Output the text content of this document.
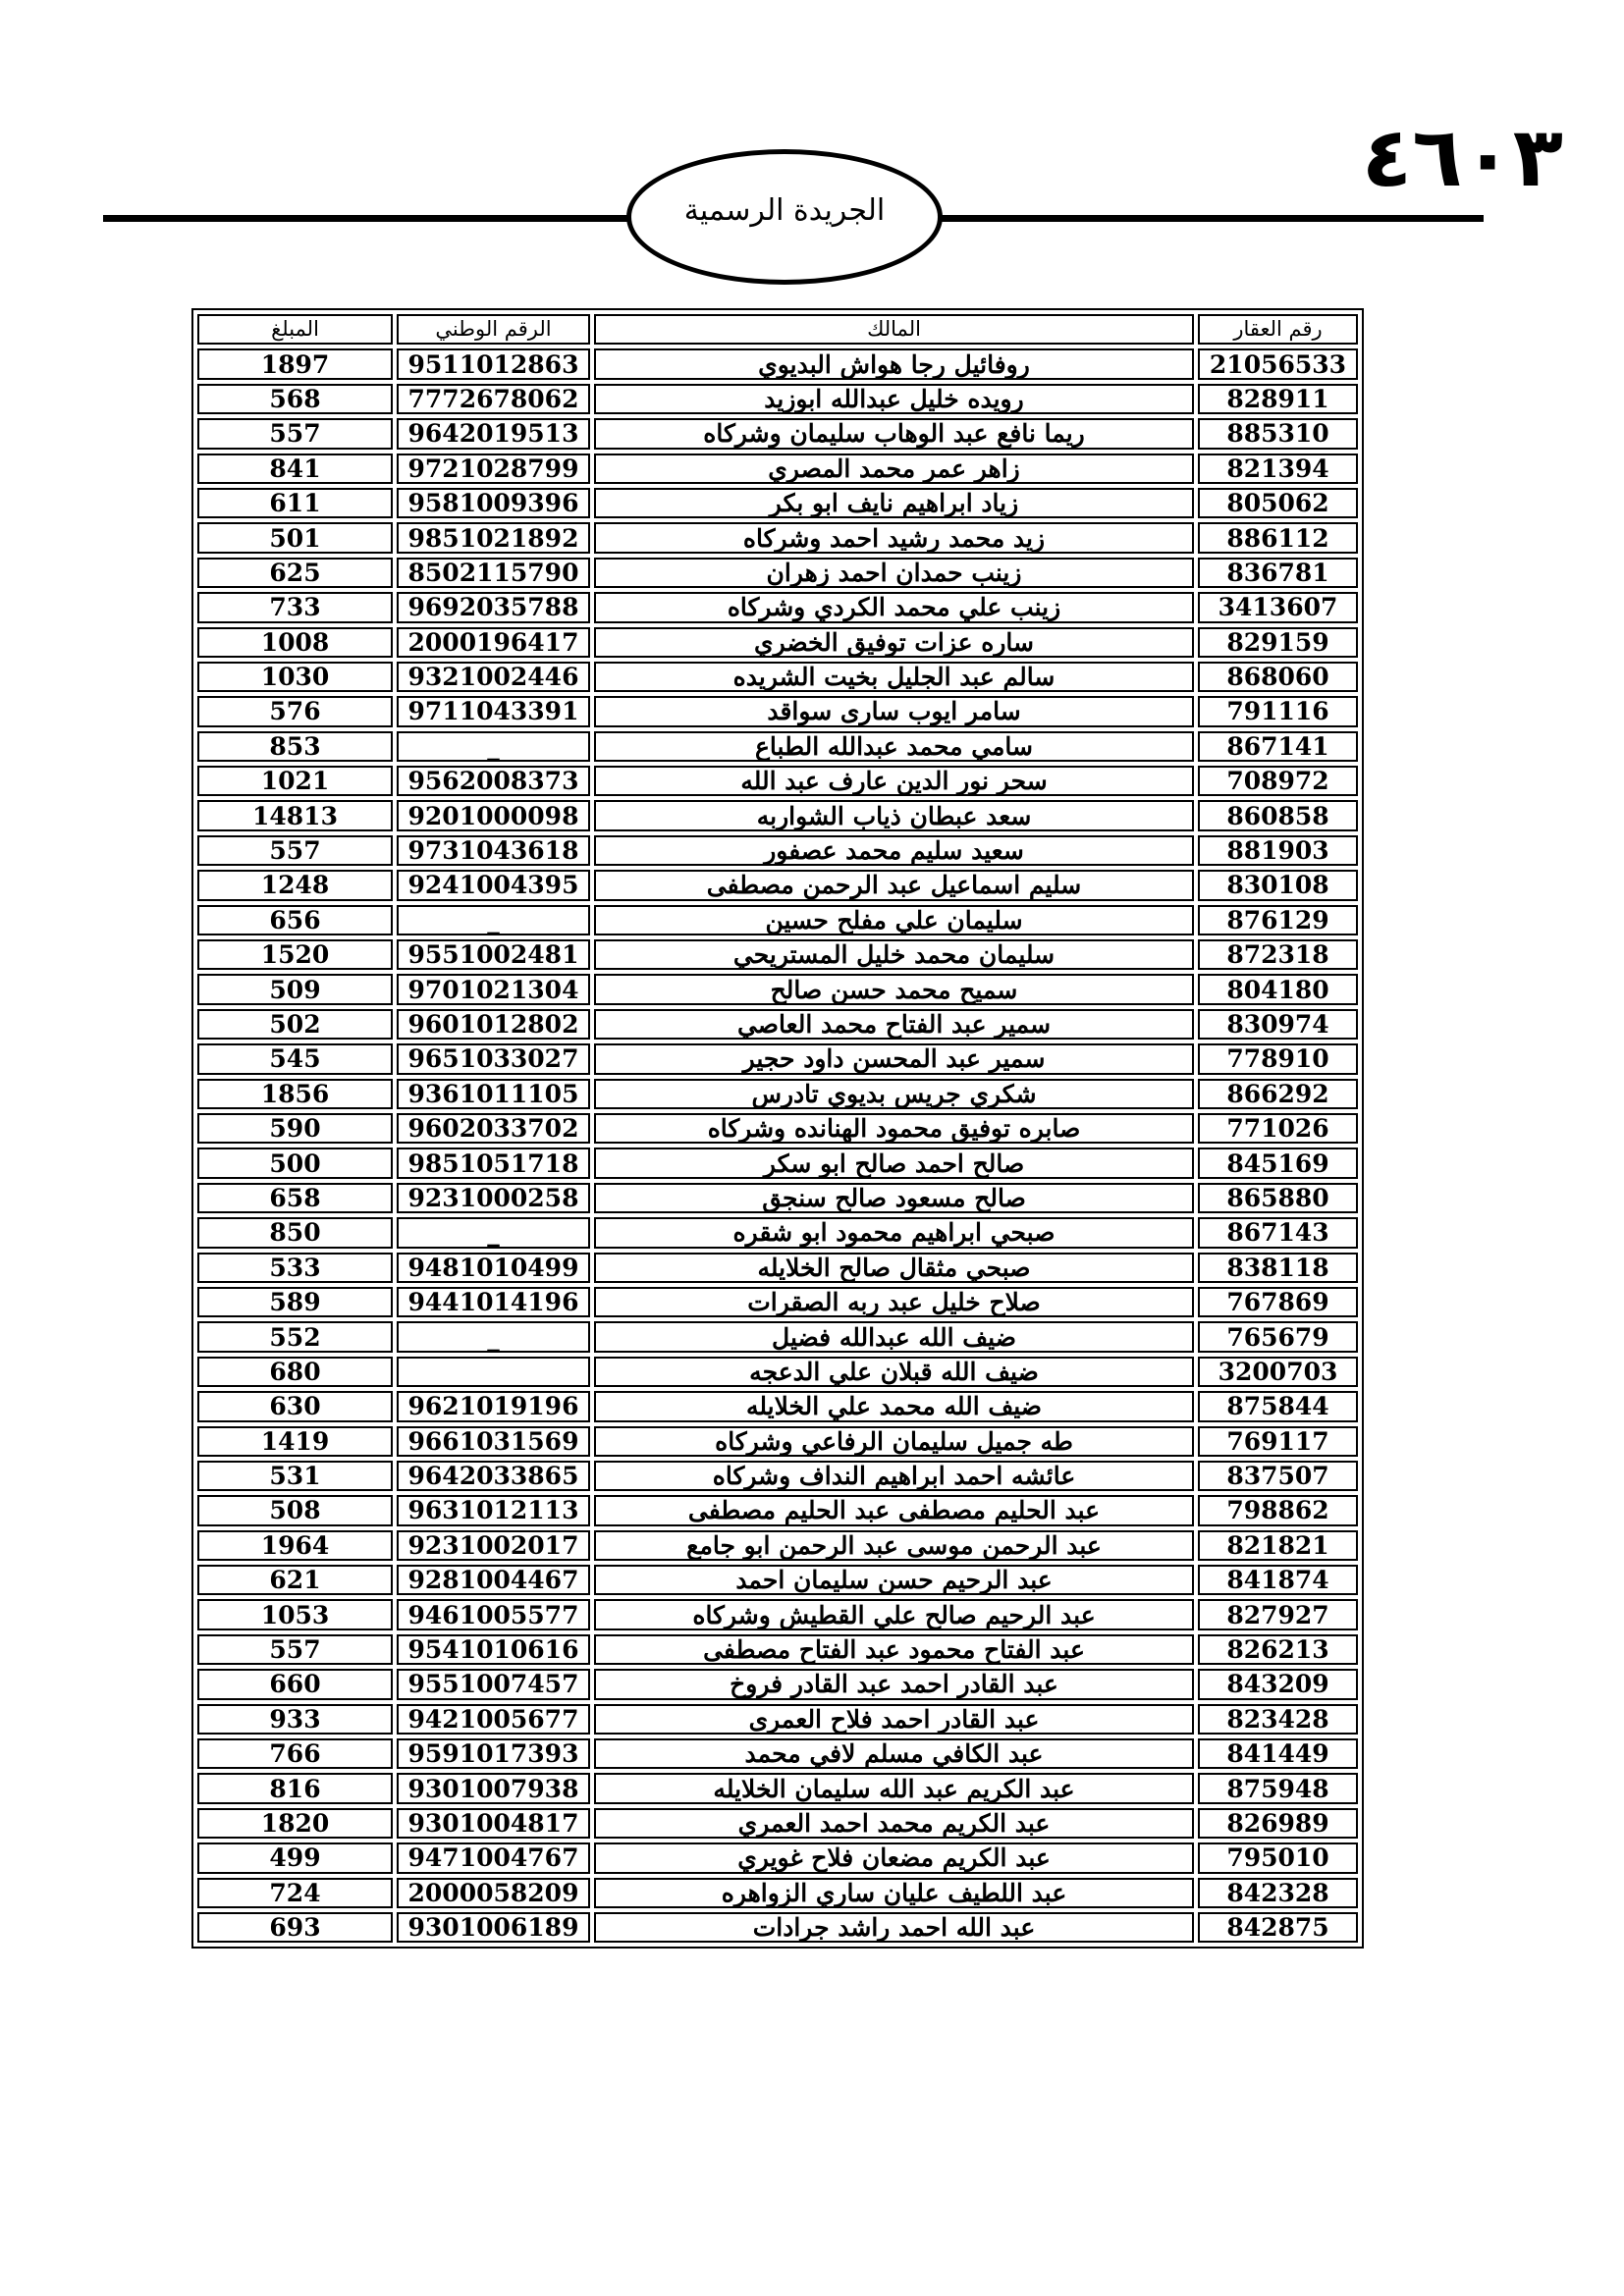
٤٦٠٣
الجريدة الرسمية
المبلغ	الرقم الوطني	المالك	رقم العقار
1897	9511012863	روفائيل رجا هواش البديوي	21056533
568	7772678062	رويده خليل عبدالله ابوزيد	828911
557	9642019513	ريما نافع عبد الوهاب سليمان وشركاه	885310
841	9721028799	زاهر عمر محمد المصري	821394
611	9581009396	زياد ابراهيم نايف ابو بكر	805062
501	9851021892	زيد محمد رشيد احمد وشركاه	886112
625	8502115790	زينب حمدان احمد زهران	836781
733	9692035788	زينب علي محمد الكردي وشركاه	3413607
1008	2000196417	ساره عزات توفيق الخضري	829159
1030	9321002446	سالم عبد الجليل بخيت الشريده	868060
576	9711043391	سامر ايوب سارى سواقد	791116
853	_	سامي محمد عبدالله الطباع	867141
1021	9562008373	سحر نور الدين عارف عبد الله	708972
14813	9201000098	سعد عبطان ذياب الشواربه	860858
557	9731043618	سعيد سليم محمد عصفور	881903
1248	9241004395	سليم اسماعيل عبد الرحمن مصطفى	830108
656	_	سليمان علي مفلح حسين	876129
1520	9551002481	سليمان محمد خليل المستريحي	872318
509	9701021304	سميح محمد حسن صالح	804180
502	9601012802	سمير عبد الفتاح محمد العاصي	830974
545	9651033027	سمير عبد المحسن داود حجير	778910
1856	9361011105	شكري جريس بديوي تادرس	866292
590	9602033702	صابره توفيق محمود الهنانده وشركاه	771026
500	9851051718	صالح احمد صالح ابو سكر	845169
658	9231000258	صالح مسعود صالح سنجق	865880
850	_	صبحي ابراهيم محمود ابو شقره	867143
533	9481010499	صبحي مثقال صالح الخلايله	838118
589	9441014196	صلاح خليل عبد ربه الصقرات	767869
552	_	ضيف الله عبدالله فضيل	765679
680		ضيف الله قبلان علي الدعجه	3200703
630	9621019196	ضيف الله محمد علي الخلايله	875844
1419	9661031569	طه جميل سليمان الرفاعي وشركاه	769117
531	9642033865	عائشه احمد ابراهيم النداف وشركاه	837507
508	9631012113	عبد الحليم مصطفى عبد الحليم مصطفى	798862
1964	9231002017	عبد الرحمن موسى عبد الرحمن ابو جامع	821821
621	9281004467	عبد الرحيم حسن سليمان احمد	841874
1053	9461005577	عبد الرحيم صالح علي القطيش وشركاه	827927
557	9541010616	عبد الفتاح محمود عبد الفتاح مصطفى	826213
660	9551007457	عبد القادر احمد عبد القادر فروخ	843209
933	9421005677	عبد القادر احمد فلاح العمرى	823428
766	9591017393	عبد الكافي مسلم لافي محمد	841449
816	9301007938	عبد الكريم عبد الله سليمان الخلايله	875948
1820	9301004817	عبد الكريم محمد احمد العمري	826989
499	9471004767	عبد الكريم مضعان فلاح غويري	795010
724	2000058209	عبد اللطيف عليان ساري الزواهره	842328
693	9301006189	عبد الله احمد راشد جرادات	842875
